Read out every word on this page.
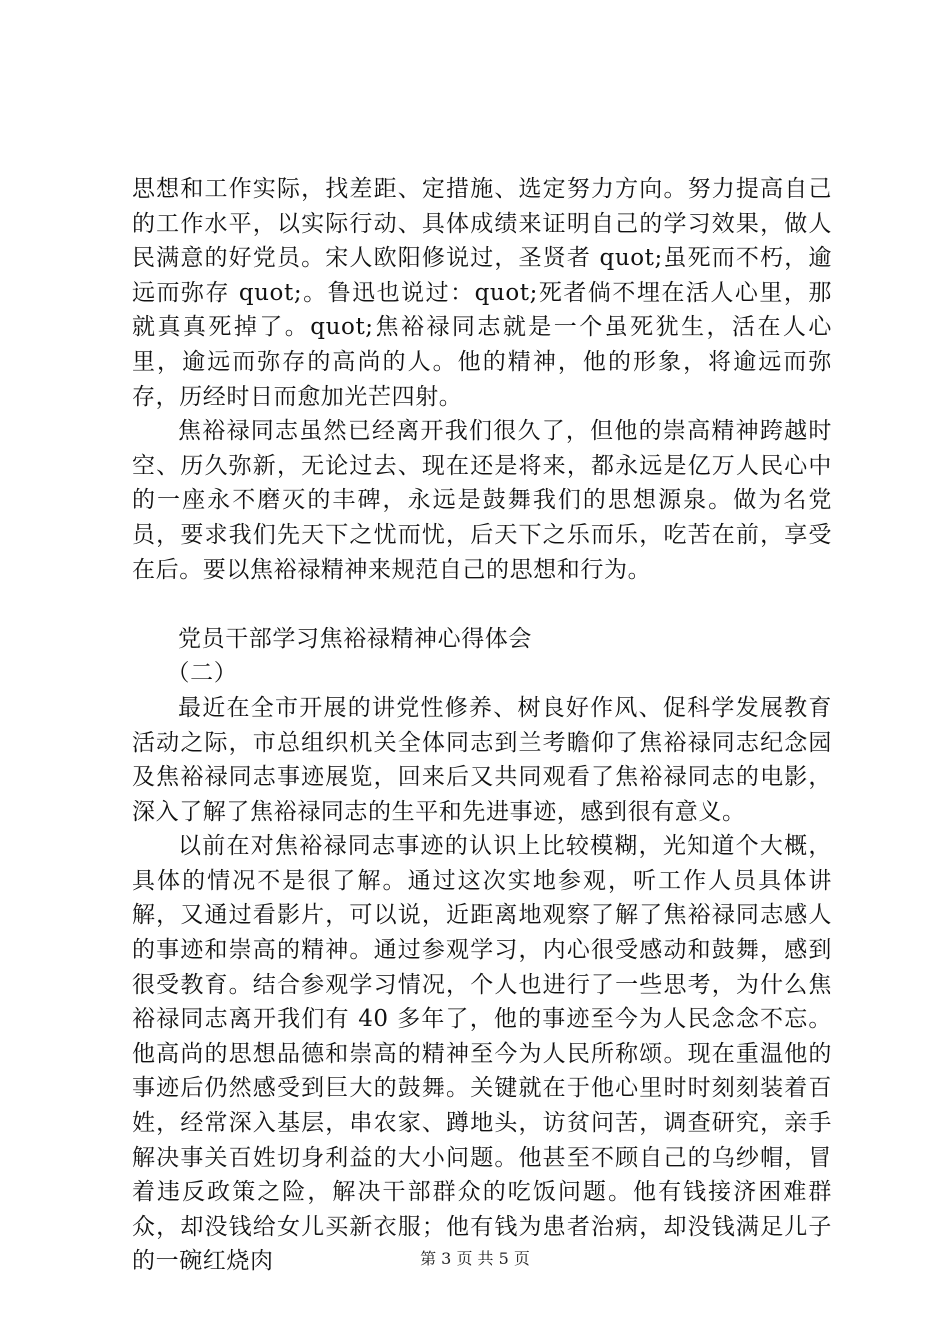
思想和工作实际，找差距、定措施、选定努力方向。努力提高自己的工作水平，以实际行动、具体成绩来证明自己的学习效果，做人民满意的好党员。宋人欧阳修说过，圣贤者 quot;虽死而不朽，逾远而弥存 quot;。鲁迅也说过：quot;死者倘不埋在活人心里，那就真真死掉了。quot;焦裕禄同志就是一个虽死犹生，活在人心里，逾远而弥存的高尚的人。他的精神，他的形象，将逾远而弥存，历经时日而愈加光芒四射。

焦裕禄同志虽然已经离开我们很久了，但他的崇高精神跨越时空、历久弥新，无论过去、现在还是将来，都永远是亿万人民心中的一座永不磨灭的丰碑，永远是鼓舞我们的思想源泉。做为名党员，要求我们先天下之忧而忧，后天下之乐而乐，吃苦在前，享受在后。要以焦裕禄精神来规范自己的思想和行为。

党员干部学习焦裕禄精神心得体会

（二）

最近在全市开展的讲党性修养、树良好作风、促科学发展教育活动之际，市总组织机关全体同志到兰考瞻仰了焦裕禄同志纪念园及焦裕禄同志事迹展览，回来后又共同观看了焦裕禄同志的电影，深入了解了焦裕禄同志的生平和先进事迹，感到很有意义。

以前在对焦裕禄同志事迹的认识上比较模糊，光知道个大概，具体的情况不是很了解。通过这次实地参观，听工作人员具体讲解，又通过看影片，可以说，近距离地观察了解了焦裕禄同志感人的事迹和崇高的精神。通过参观学习，内心很受感动和鼓舞，感到很受教育。结合参观学习情况，个人也进行了一些思考，为什么焦裕禄同志离开我们有 40 多年了，他的事迹至今为人民念念不忘。他高尚的思想品德和崇高的精神至今为人民所称颂。现在重温他的事迹后仍然感受到巨大的鼓舞。关键就在于他心里时时刻刻装着百姓，经常深入基层，串农家、蹲地头，访贫问苦，调查研究，亲手解决事关百姓切身利益的大小问题。他甚至不顾自己的乌纱帽，冒着违反政策之险，解决干部群众的吃饭问题。他有钱接济困难群众，却没钱给女儿买新衣服；他有钱为患者治病，却没钱满足儿子的一碗红烧肉	第 3 页 共 5 页
